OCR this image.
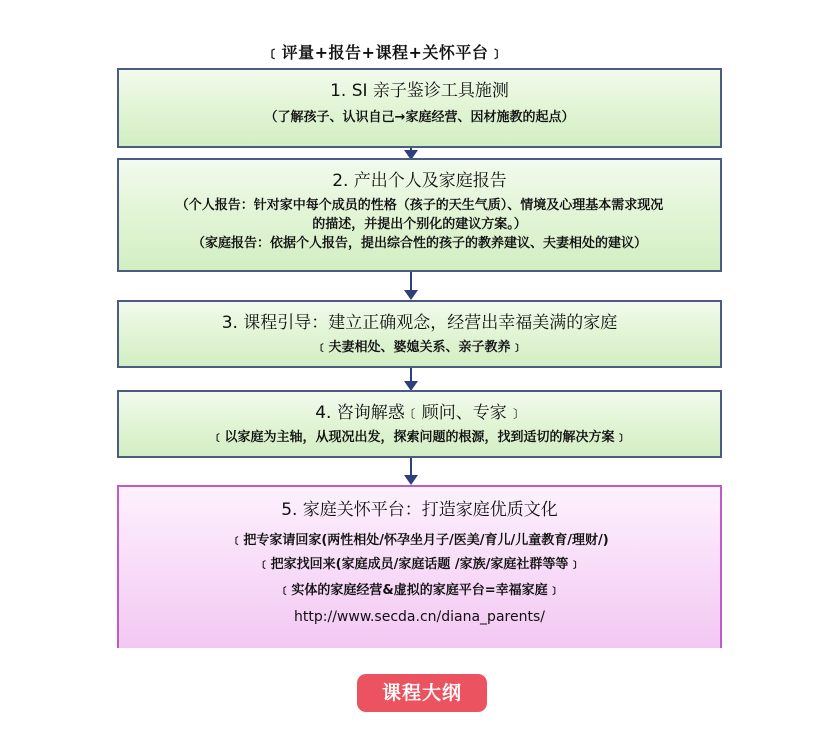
﹝评量+报告+课程+关怀平台﹞
1. SI 亲子鉴诊工具施测
（了解孩子、认识自己→家庭经营、因材施教的起点）
2. 产出个人及家庭报告
（个人报告：针对家中每个成员的性格（孩子的天生气质）、情境及心理基本需求现况
的描述，并提出个别化的建议方案。）
（家庭报告：依据个人报告，提出综合性的孩子的教养建议、夫妻相处的建议）
3. 课程引导：建立正确观念，经营出幸福美满的家庭
﹝夫妻相处、婆媳关系、亲子教养﹞
4. 咨询解惑﹝顾问、专家﹞
﹝以家庭为主轴，从现况出发，探索问题的根源，找到适切的解决方案﹞
5. 家庭关怀平台：打造家庭优质文化
﹝把专家请回家(两性相处/怀孕坐月子/医美/育儿/儿童教育/理财/)
﹝把家找回来(家庭成员/家庭话题 /家族/家庭社群等等﹞
﹝实体的家庭经营&虚拟的家庭平台=幸福家庭﹞
http://www.secda.cn/diana_parents/
课程大纲
